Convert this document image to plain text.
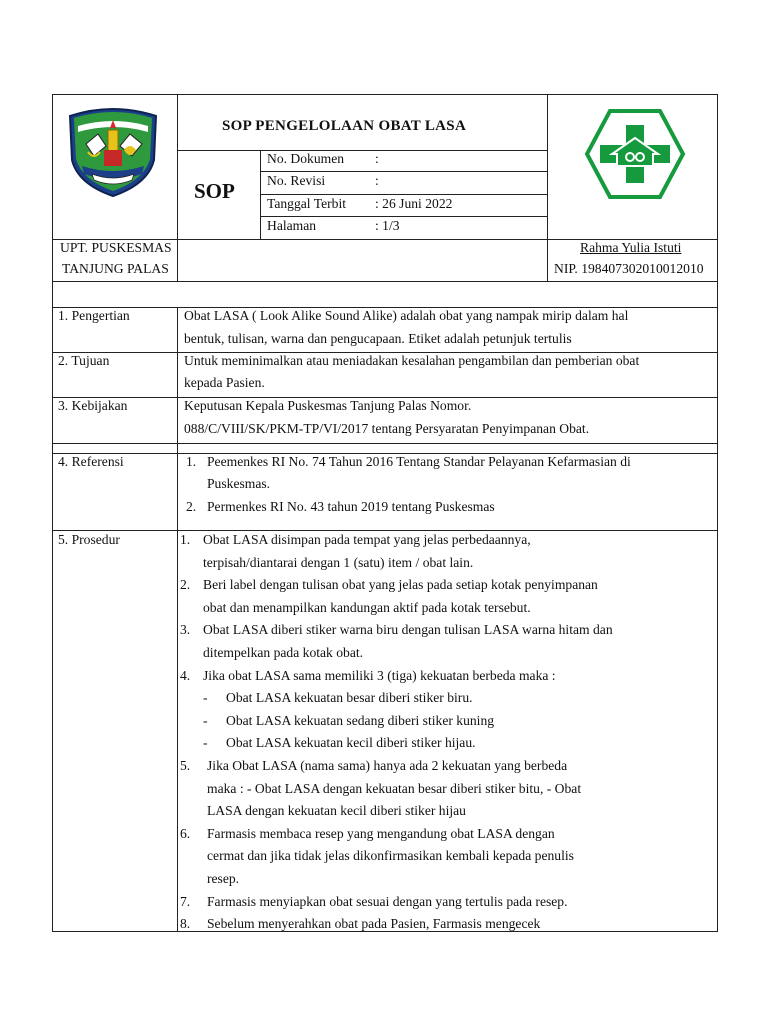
SOP PENGELOLAAN OBAT LASA
SOP
No. Dokumen :
No. Revisi	:
Tanggal Terbit : 26 Juni 2022
Halaman	: 1/3
UPT. PUSKESMAS
TANJUNG PALAS
Rahma Yulia Istuti
NIP. 198407302010012010
1. Pengertian	Obat LASA ( Look Alike Sound Alike) adalah obat yang nampak mirip dalam hal
bentuk, tulisan, warna dan pengucapaan. Etiket adalah petunjuk tertulis
2. Tujuan	Untuk meminimalkan atau meniadakan kesalahan pengambilan dan pemberian obat
kepada Pasien.
3. Kebijakan	Keputusan Kepala Puskesmas Tanjung Palas Nomor.
088/C/VIII/SK/PKM-TP/VI/2017 tentang Persyaratan Penyimpanan Obat.
4. Referensi	1. Peemenkes RI No. 74 Tahun 2016 Tentang Standar Pelayanan Kefarmasian di
Puskesmas.
2. Permenkes RI No. 43 tahun 2019 tentang Puskesmas
5. Prosedur	1. Obat LASA disimpan pada tempat yang jelas perbedaannya,
terpisah/diantarai dengan 1 (satu) item / obat lain.
2. Beri label dengan tulisan obat yang jelas pada setiap kotak penyimpanan
obat dan menampilkan kandungan aktif pada kotak tersebut.
3. Obat LASA diberi stiker warna biru dengan tulisan LASA warna hitam dan
ditempelkan pada kotak obat.
4. Jika obat LASA sama memiliki 3 (tiga) kekuatan berbeda maka :
- Obat LASA kekuatan besar diberi stiker biru.
- Obat LASA kekuatan sedang diberi stiker kuning
- Obat LASA kekuatan kecil diberi stiker hijau.
5. Jika Obat LASA (nama sama) hanya ada 2 kekuatan yang berbeda
maka : - Obat LASA dengan kekuatan besar diberi stiker bitu, - Obat
LASA dengan kekuatan kecil diberi stiker hijau
6. Farmasis membaca resep yang mengandung obat LASA dengan
cermat dan jika tidak jelas dikonfirmasikan kembali kepada penulis
resep.
7. Farmasis menyiapkan obat sesuai dengan yang tertulis pada resep.
8. Sebelum menyerahkan obat pada Pasien, Farmasis mengecek
